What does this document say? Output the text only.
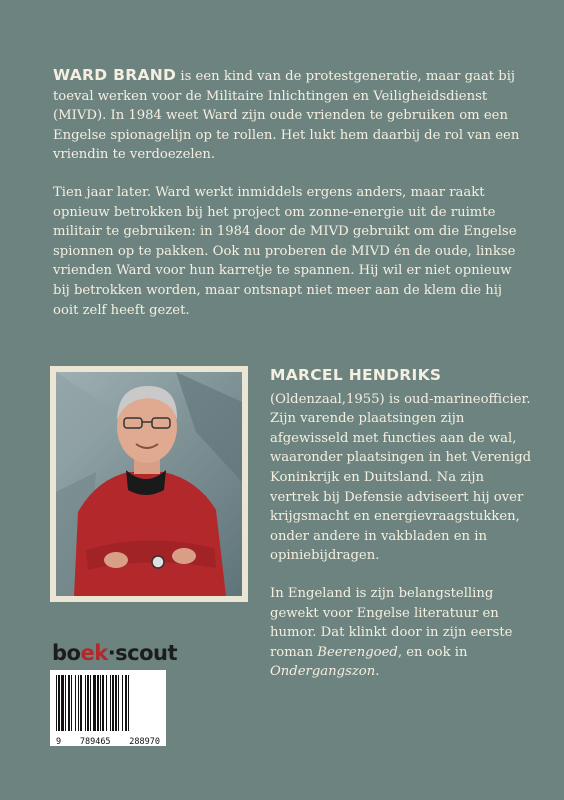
WARD BRAND is een kind van de protestgeneratie, maar gaat bij toeval werken voor de Militaire Inlichtingen en Veiligheidsdienst (MIVD). In 1984 weet Ward zijn oude vrienden te gebruiken om een Engelse spionagelijn op te rollen. Het lukt hem daarbij de rol van een vriendin te verdoezelen.

Tien jaar later. Ward werkt inmiddels ergens anders, maar raakt opnieuw betrokken bij het project om zonne-energie uit de ruimte militair te gebruiken: in 1984 door de MIVD gebruikt om die Engelse spionnen op te pakken. Ook nu proberen de MIVD én de oude, linkse vrienden Ward voor hun karretje te spannen. Hij wil er niet opnieuw bij betrokken worden, maar ontsnapt niet meer aan de klem die hij ooit zelf heeft gezet.

MARCEL HENDRIKS

(Oldenzaal,1955) is oud-marineofficier. Zijn varende plaatsingen zijn afgewisseld met functies aan de wal, waaronder plaatsingen in het Verenigd Koninkrijk en Duitsland. Na zijn vertrek bij Defensie adviseert hij over krijgsmacht en energievraagstukken, onder andere in vakbladen en in opiniebijdragen.

In Engeland is zijn belangstelling gewekt voor Engelse literatuur en humor. Dat klinkt door in zijn eerste roman Beerengoed, en ook in Ondergangszon.

boek·scout
9 789465 288970
